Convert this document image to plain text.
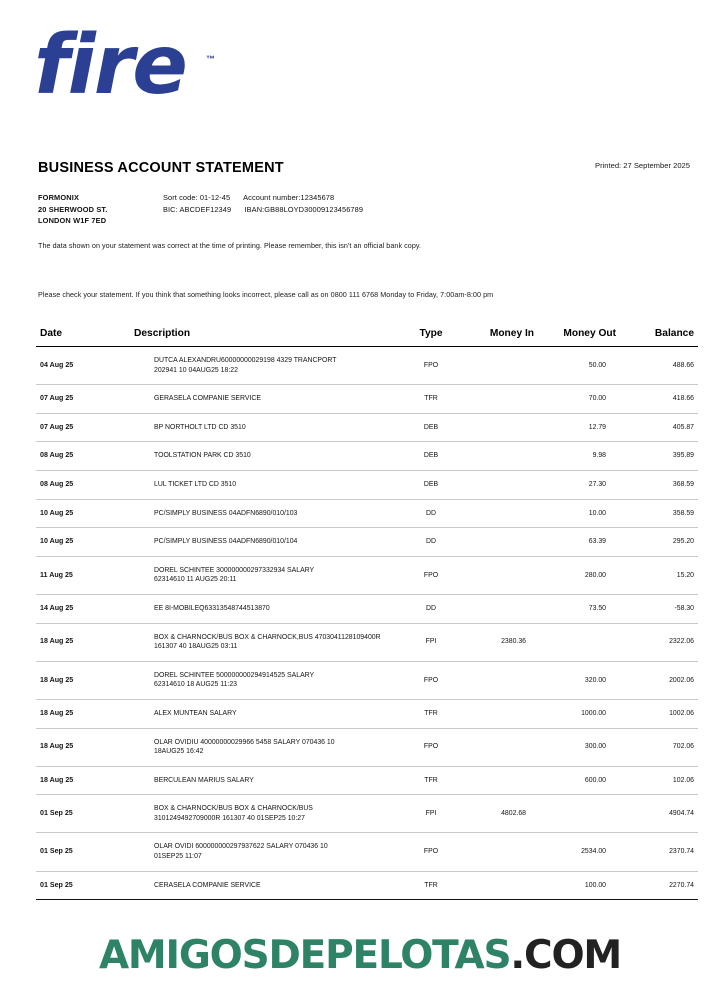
fire	™
BUSINESS ACCOUNT STATEMENT	Printed: 27 September 2025
FORMONIX
20 SHERWOOD ST.
LONDON W1F 7ED
Sort code: 01-12-45 Account number:12345678
BIC: ABCDEF12349 IBAN:GB88LOYD30009123456789
The data shown on your statement was correct at the time of printing. Please remember, this isn't an official bank copy.
Please check your statement. If you think that something looks incorrect, please call as on 0800 111 6768 Monday to Friday, 7:00am-8:00 pm
Date	Description	Type	Money In	Money Out	Balance
04 Aug 25	DUTCA ALEXANDRU60000000029198 4329 TRANCPORT
202941 10 04AUG25 18:22	FPO		50.00	488.66
07 Aug 25	GERASELA COMPANIE SERVICE	TFR		70.00	418.66
07 Aug 25	BP NORTHOLT LTD CD 3510	DEB		12.79	405.87
08 Aug 25	TOOLSTATION PARK CD 3510	DEB		9.98	395.89
08 Aug 25	LUL TICKET LTD CD 3510	DEB		27.30	368.59
10 Aug 25	PC/SIMPLY BUSINESS 04ADFN6890/010/103	DD		10.00	358.59
10 Aug 25	PC/SIMPLY BUSINESS 04ADFN6890/010/104	DD		63.39	295.20
11 Aug 25	DOREL SCHINTEE 300000000297332934 SALARY
62314610 11 AUG25 20:11	FPO		280.00	15.20
14 Aug 25	EE 8I-MOBILEQ63313548744513870	DD		73.50	-58.30
18 Aug 25	BOX & CHARNOCK/BUS BOX & CHARNOCK,BUS 4703041128109400R
161307 40 18AUG25 03:11	FPI	2380.36		2322.06
18 Aug 25	DOREL SCHINTEE 500000000294914525 SALARY
62314610 18 AUG25 11:23	FPO		320.00	2002.06
18 Aug 25	ALEX MUNTEAN SALARY	TFR		1000.00	1002.06
18 Aug 25	OLAR OVIDIU 40000000029966 5458 SALARY 070436 10
18AUG25 16:42	FPO		300.00	702.06
18 Aug 25	BERCULEAN MARIUS SALARY	TFR		600.00	102.06
01 Sep 25	BOX & CHARNOCK/BUS BOX & CHARNOCK/BUS
3101249492709000R 161307 40 01SEP25 10:27	FPI	4802.68		4904.74
01 Sep 25	OLAR OVIDI 600000000297937622 SALARY 070436 10
01SEP25 11:07	FPO		2534.00	2370.74
01 Sep 25	CERASELA COMPANIE SERVICE	TFR		100.00	2270.74
AMIGOSDEPELOTAS.COM
